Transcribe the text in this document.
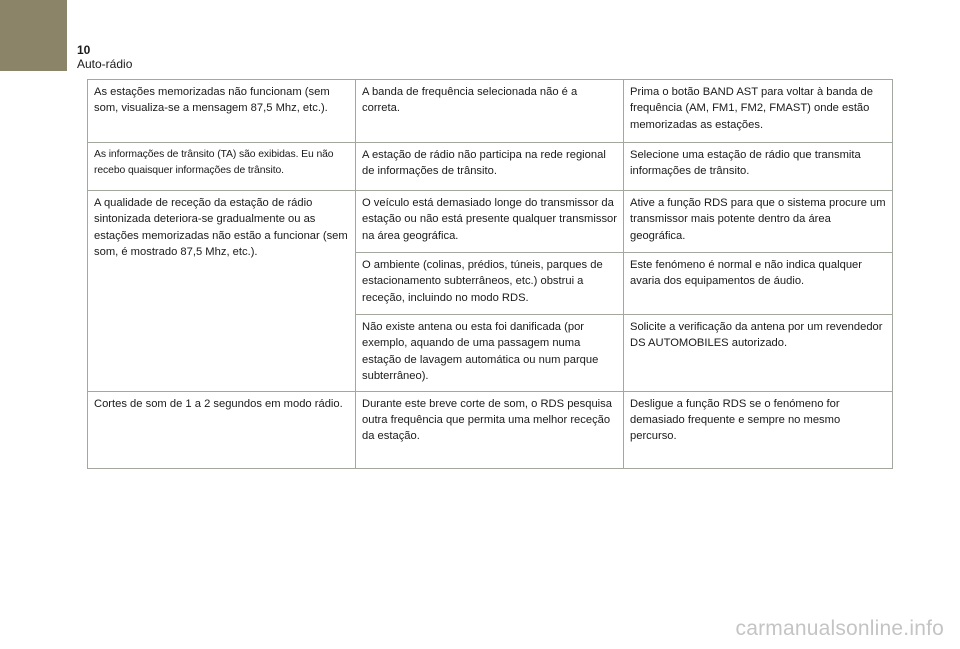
10
Auto-rádio
As estações memorizadas não funcionam (sem som, visualiza-se a mensagem 87,5 Mhz, etc.).	A banda de frequência selecionada não é a correta.	Prima o botão BAND AST para voltar à banda de frequência (AM, FM1, FM2, FMAST) onde estão memorizadas as estações.

As informações de trânsito (TA) são exibidas. Eu não recebo quaisquer informações de trânsito.	A estação de rádio não participa na rede regional de informações de trânsito.	Selecione uma estação de rádio que transmita informações de trânsito.

A qualidade de receção da estação de rádio sintonizada deteriora-se gradualmente ou as estações memorizadas não estão a funcionar (sem som, é mostrado 87,5 Mhz, etc.).	O veículo está demasiado longe do transmissor da estação ou não está presente qualquer transmissor na área geográfica.	Ative a função RDS para que o sistema procure um transmissor mais potente dentro da área geográfica.

	O ambiente (colinas, prédios, túneis, parques de estacionamento subterrâneos, etc.) obstrui a receção, incluindo no modo RDS.	Este fenómeno é normal e não indica qualquer avaria dos equipamentos de áudio.

	Não existe antena ou esta foi danificada (por exemplo, aquando de uma passagem numa estação de lavagem automática ou num parque subterrâneo).	Solicite a verificação da antena por um revendedor DS AUTOMOBILES autorizado.

Cortes de som de 1 a 2 segundos em modo rádio.	Durante este breve corte de som, o RDS pesquisa outra frequência que permita uma melhor receção da estação.	Desligue a função RDS se o fenómeno for demasiado frequente e sempre no mesmo percurso.
carmanualsonline.info
